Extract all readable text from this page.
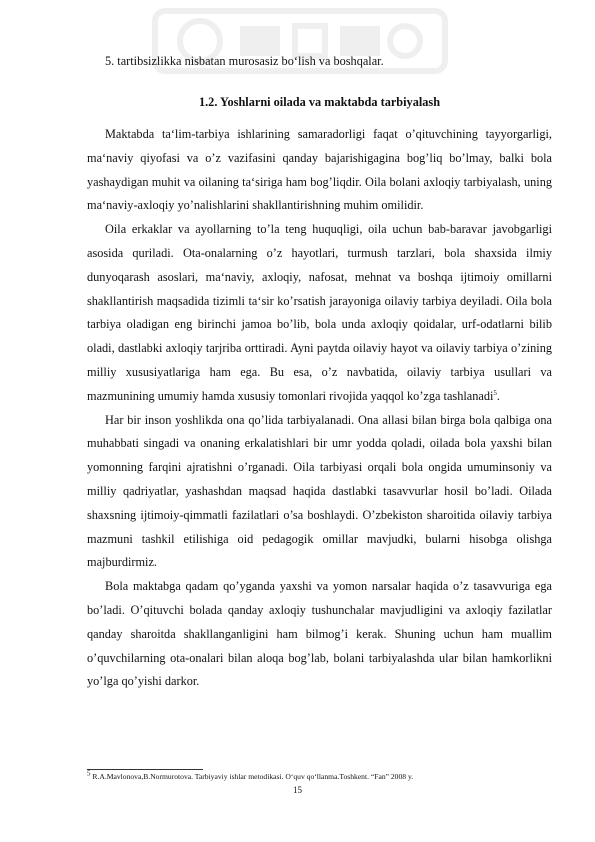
5. tartibsizlikka nisbatan murosasiz bo‘lish va boshqalar.

1.2. Yoshlarni oilada va maktabda tarbiyalash

Maktabda ta‘lim-tarbiya ishlarining samaradorligi faqat o’qituvchining tayyorgarligi, ma‘naviy qiyofasi va o’z vazifasini qanday bajarishigagina bog’liq bo’lmay, balki bola yashaydigan muhit va oilaning ta‘siriga ham bog’liqdir. Oila bolani axloqiy tarbiyalash, uning ma‘naviy-axloqiy yo’nalishlarini shakllantirishning muhim omilidir.

Oila erkaklar va ayollarning to’la teng huquqligi, oila uchun bab-baravar javobgarligi asosida quriladi. Ota-onalarning o’z hayotlari, turmush tarzlari, bola shaxsida ilmiy dunyoqarash asoslari, ma‘naviy, axloqiy, nafosat, mehnat va boshqa ijtimoiy omillarni shakllantirish maqsadida tizimli ta‘sir ko’rsatish jarayoniga oilaviy tarbiya deyiladi. Oila bola tarbiya oladigan eng birinchi jamoa bo’lib, bola unda axloqiy qoidalar, urf-odatlarni bilib oladi, dastlabki axloqiy tarjriba orttiradi. Ayni paytda oilaviy hayot va oilaviy tarbiya o’zining milliy xususiyatlariga ham ega. Bu esa, o’z navbatida, oilaviy tarbiya usullari va mazmunining umumiy hamda xususiy tomonlari rivojida yaqqol ko’zga tashlanadi$^5$.

Har bir inson yoshlikda ona qo’lida tarbiyalanadi. Ona allasi bilan birga bola qalbiga ona muhabbati singadi va onaning erkalatishlari bir umr yodda qoladi, oilada bola yaxshi bilan yomonning farqini ajratishni o’rganadi. Oila tarbiyasi orqali bola ongida umuminsoniy va milliy qadriyatlar, yashashdan maqsad haqida dastlabki tasavvurlar hosil bo’ladi. Oilada shaxsning ijtimoiy-qimmatli fazilatlari o’sa boshlaydi. O’zbekiston sharoitida oilaviy tarbiya mazmuni tashkil etilishiga oid pedagogik omillar mavjudki, bularni hisobga olishga majburdirmiz.

Bola maktabga qadam qo’yganda yaxshi va yomon narsalar haqida o’z tasavvuriga ega bo’ladi. O’qituvchi bolada qanday axloqiy tushunchalar mavjudligini va axloqiy fazilatlar qanday sharoitda shakllanganligini ham bilmog’i kerak. Shuning uchun ham muallim o’quvchilarning ota-onalari bilan aloqa bog’lab, bolani tarbiyalashda ular bilan hamkorlikni yo’lga qo’yishi darkor.

$^5$ R.A.Mavlonova,B.Normurotova. Tarbiyaviy ishlar metodikasi. O‘quv qo‘llanma.Toshkent. “Fan” 2008 y.

15
